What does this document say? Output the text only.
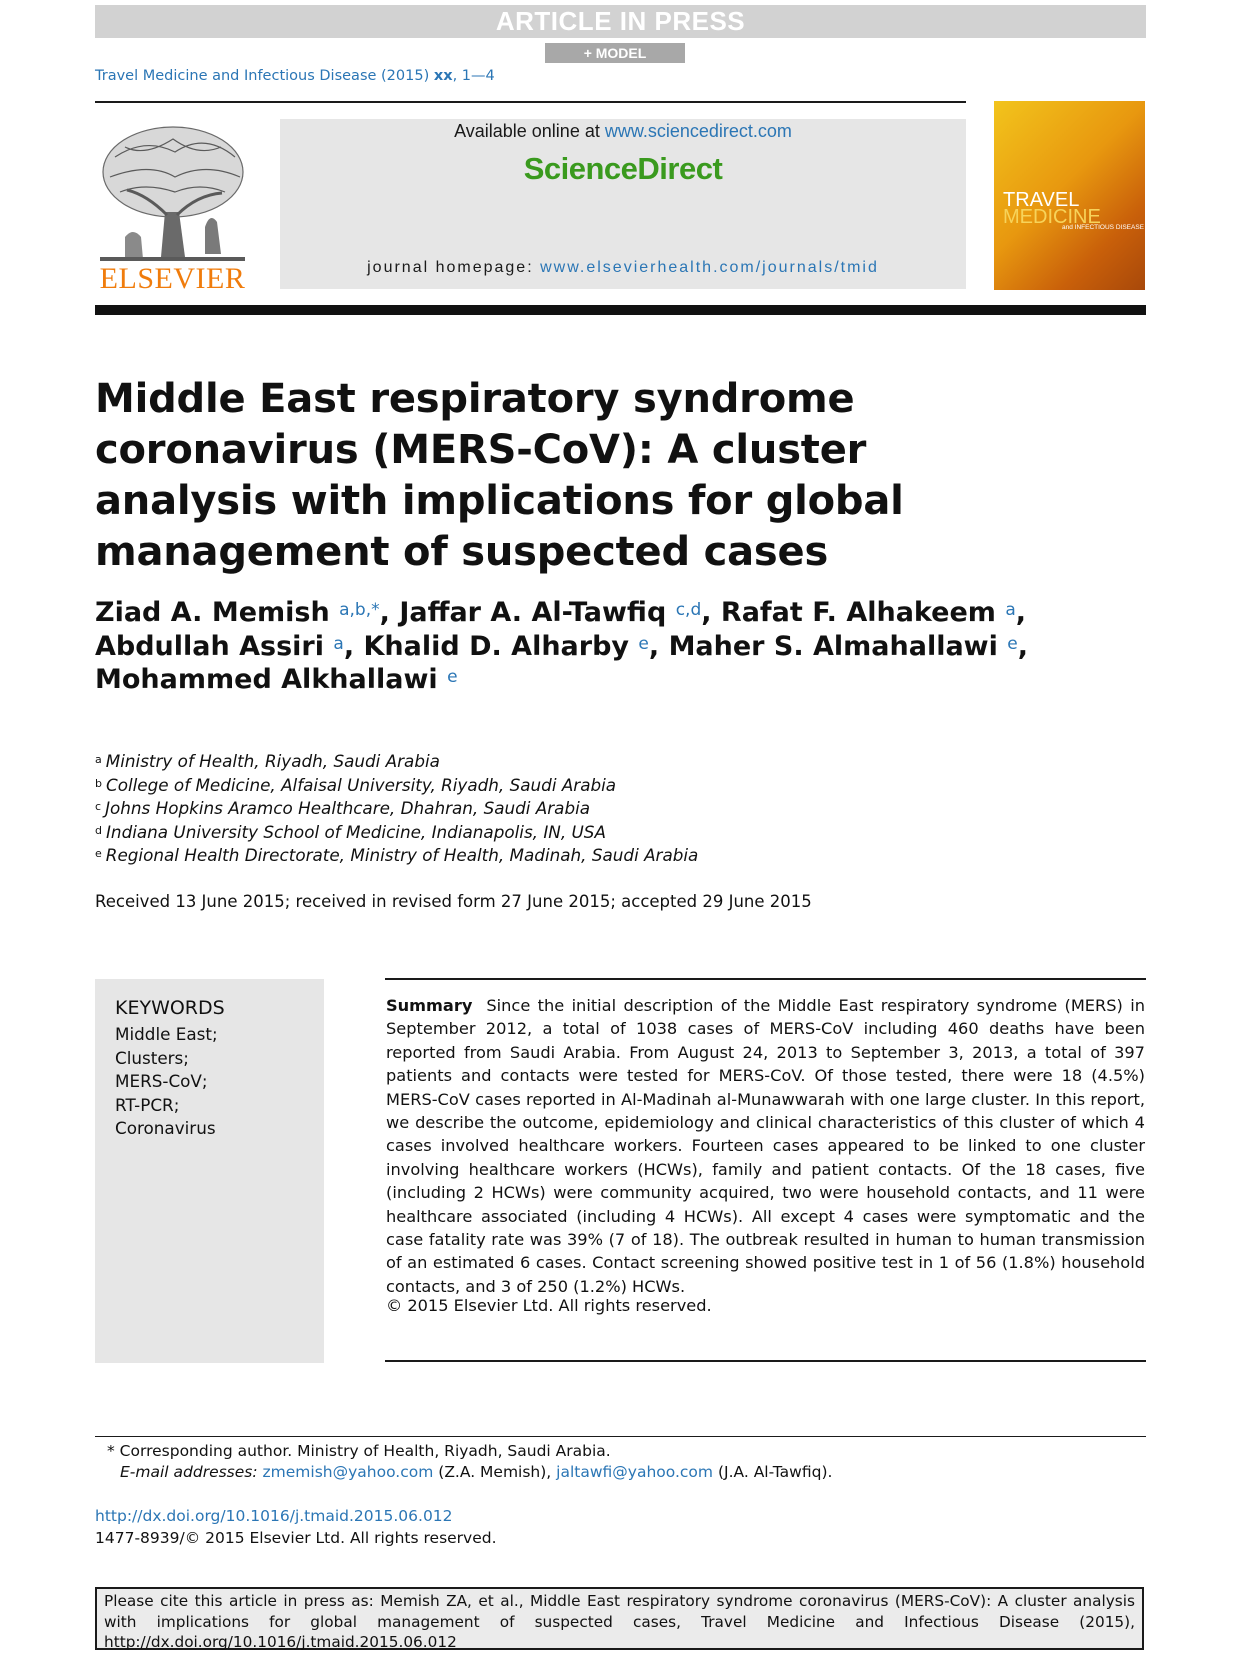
ARTICLE IN PRESS
+ MODEL
Travel Medicine and Infectious Disease (2015) xx, 1—4
ELSEVIER
Available online at www.sciencedirect.com
ScienceDirect
journal homepage: www.elsevierhealth.com/journals/tmid
TRAVEL
MEDICINE
and INFECTIOUS DISEASE
Middle East respiratory syndrome coronavirus (MERS-CoV): A cluster analysis with implications for global management of suspected cases
Ziad A. Memish $^{a,b,*}$, Jaffar A. Al-Tawfiq $^{c,d}$, Rafat F. Alhakeem $^a$,
Abdullah Assiri $^a$, Khalid D. Alharby $^e$, Maher S. Almahallawi $^e$,
Mohammed Alkhallawi $^e$
$^a$ Ministry of Health, Riyadh, Saudi Arabia
$^b$ College of Medicine, Alfaisal University, Riyadh, Saudi Arabia
$^c$ Johns Hopkins Aramco Healthcare, Dhahran, Saudi Arabia
$^d$ Indiana University School of Medicine, Indianapolis, IN, USA
$^e$ Regional Health Directorate, Ministry of Health, Madinah, Saudi Arabia
Received 13 June 2015; received in revised form 27 June 2015; accepted 29 June 2015
KEYWORDS
Middle East;
Clusters;
MERS-CoV;
RT-PCR;
Coronavirus
Summary Since the initial description of the Middle East respiratory syndrome (MERS) in September 2012, a total of 1038 cases of MERS-CoV including 460 deaths have been reported from Saudi Arabia. From August 24, 2013 to September 3, 2013, a total of 397 patients and contacts were tested for MERS-CoV. Of those tested, there were 18 (4.5%) MERS-CoV cases reported in Al-Madinah al-Munawwarah with one large cluster. In this report, we describe the outcome, epidemiology and clinical characteristics of this cluster of which 4 cases involved healthcare workers. Fourteen cases appeared to be linked to one cluster involving healthcare workers (HCWs), family and patient contacts. Of the 18 cases, five (including 2 HCWs) were community acquired, two were household contacts, and 11 were healthcare associated (including 4 HCWs). All except 4 cases were symptomatic and the case fatality rate was 39% (7 of 18). The outbreak resulted in human to human transmission of an estimated 6 cases. Contact screening showed positive test in 1 of 56 (1.8%) household contacts, and 3 of 250 (1.2%) HCWs.
© 2015 Elsevier Ltd. All rights reserved.
* Corresponding author. Ministry of Health, Riyadh, Saudi Arabia.
E-mail addresses: zmemish@yahoo.com (Z.A. Memish), jaltawfi@yahoo.com (J.A. Al-Tawfiq).
http://dx.doi.org/10.1016/j.tmaid.2015.06.012
1477-8939/© 2015 Elsevier Ltd. All rights reserved.
Please cite this article in press as: Memish ZA, et al., Middle East respiratory syndrome coronavirus (MERS-CoV): A cluster analysis with implications for global management of suspected cases, Travel Medicine and Infectious Disease (2015), http://dx.doi.org/10.1016/j.tmaid.2015.06.012
